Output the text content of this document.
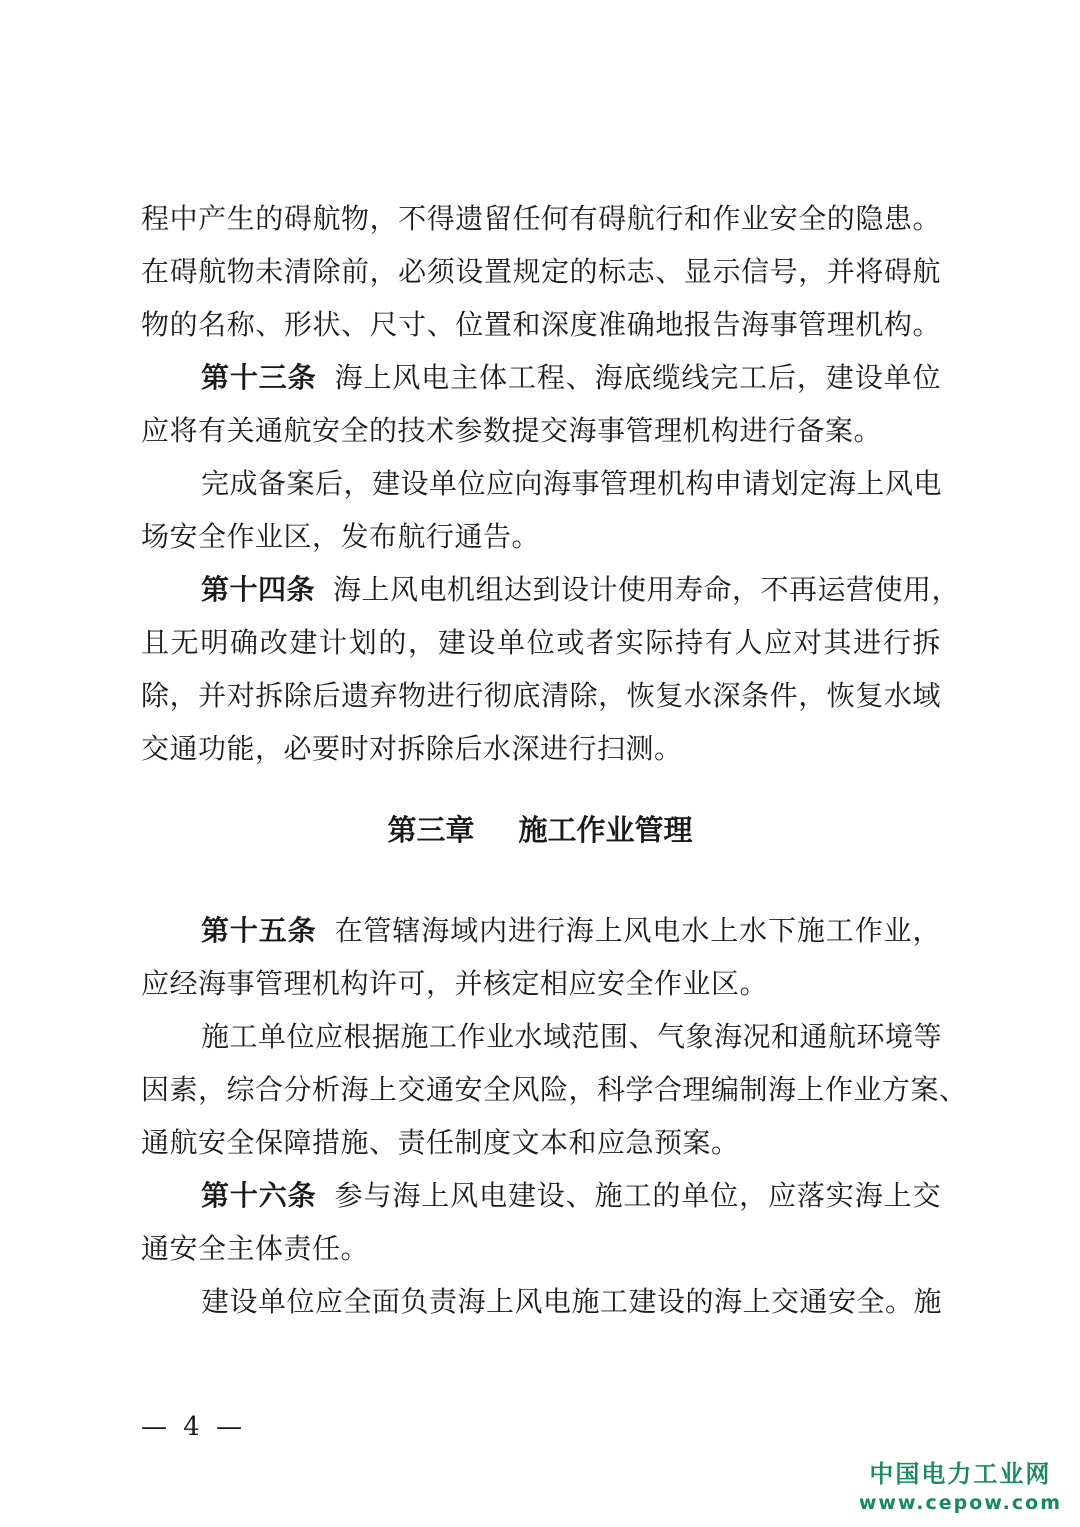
程中产生的碍航物，不得遗留任何有碍航行和作业安全的隐患。
在碍航物未清除前，必须设置规定的标志、显示信号，并将碍航
物的名称、形状、尺寸、位置和深度准确地报告海事管理机构。
第十三条 海上风电主体工程、海底缆线完工后，建设单位
应将有关通航安全的技术参数提交海事管理机构进行备案。
完成备案后，建设单位应向海事管理机构申请划定海上风电
场安全作业区，发布航行通告。
第十四条 海上风电机组达到设计使用寿命，不再运营使用，
且无明确改建计划的，建设单位或者实际持有人应对其进行拆
除，并对拆除后遗弃物进行彻底清除，恢复水深条件，恢复水域
交通功能，必要时对拆除后水深进行扫测。
第三章 施工作业管理
第十五条 在管辖海域内进行海上风电水上水下施工作业，
应经海事管理机构许可，并核定相应安全作业区。
施工单位应根据施工作业水域范围、气象海况和通航环境等
因素，综合分析海上交通安全风险，科学合理编制海上作业方案、
通航安全保障措施、责任制度文本和应急预案。
第十六条 参与海上风电建设、施工的单位，应落实海上交
通安全主体责任。
建设单位应全面负责海上风电施工建设的海上交通安全。施
— 4 —
中国电力工业网
www.cepow.com
